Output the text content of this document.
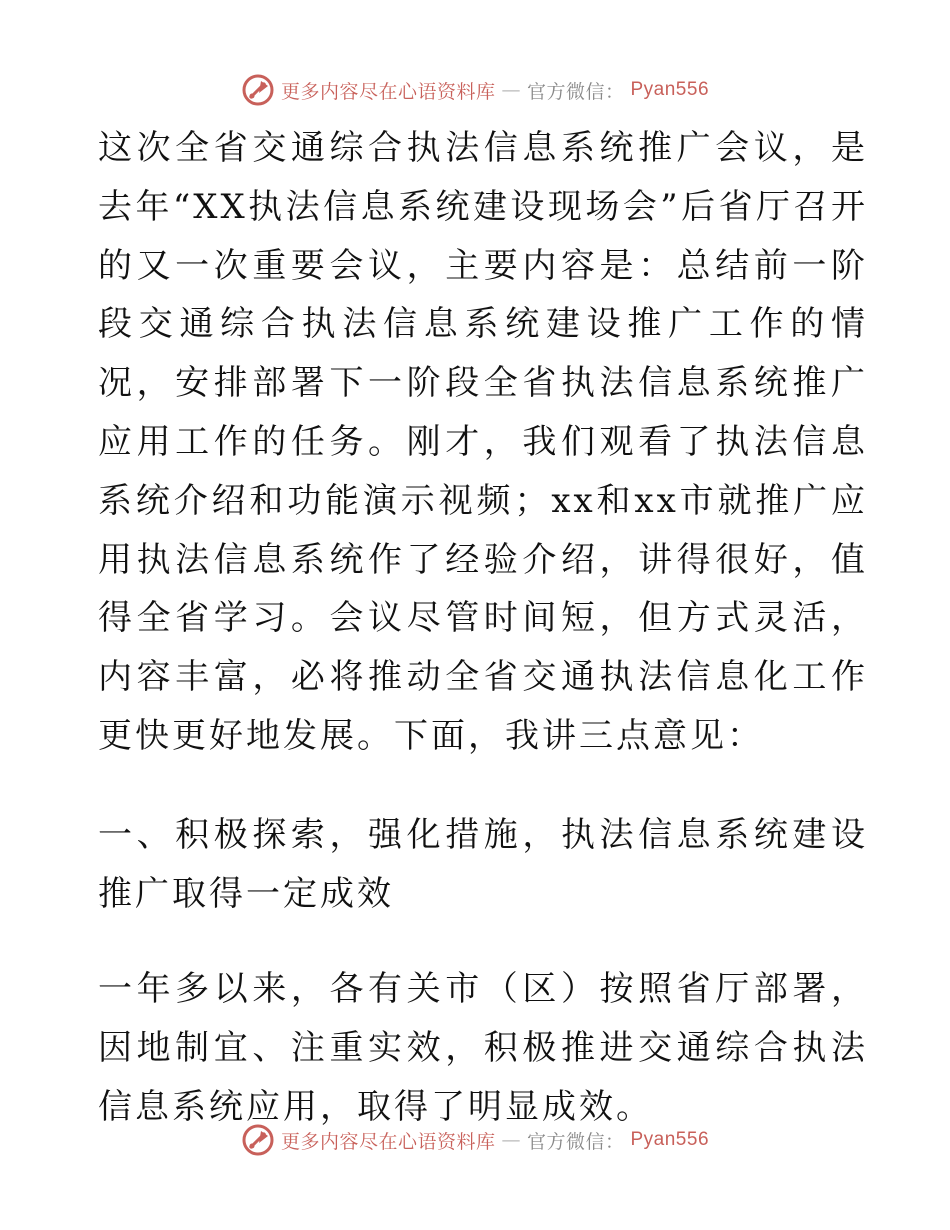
更多内容尽在心语资料库 — 官方微信： Pyan556

这次全省交通综合执法信息系统推广会议，是去年“XX执法信息系统建设现场会”后省厅召开的又一次重要会议，主要内容是：总结前一阶段交通综合执法信息系统建设推广工作的情况，安排部署下一阶段全省执法信息系统推广应用工作的任务。刚才，我们观看了执法信息系统介绍和功能演示视频；xx和xx市就推广应用执法信息系统作了经验介绍，讲得很好，值得全省学习。会议尽管时间短，但方式灵活，内容丰富，必将推动全省交通执法信息化工作更快更好地发展。下面，我讲三点意见：

一、积极探索，强化措施，执法信息系统建设推广取得一定成效

一年多以来，各有关市（区）按照省厅部署，因地制宜、注重实效，积极推进交通综合执法信息系统应用，取得了明显成效。

更多内容尽在心语资料库 — 官方微信： Pyan556
